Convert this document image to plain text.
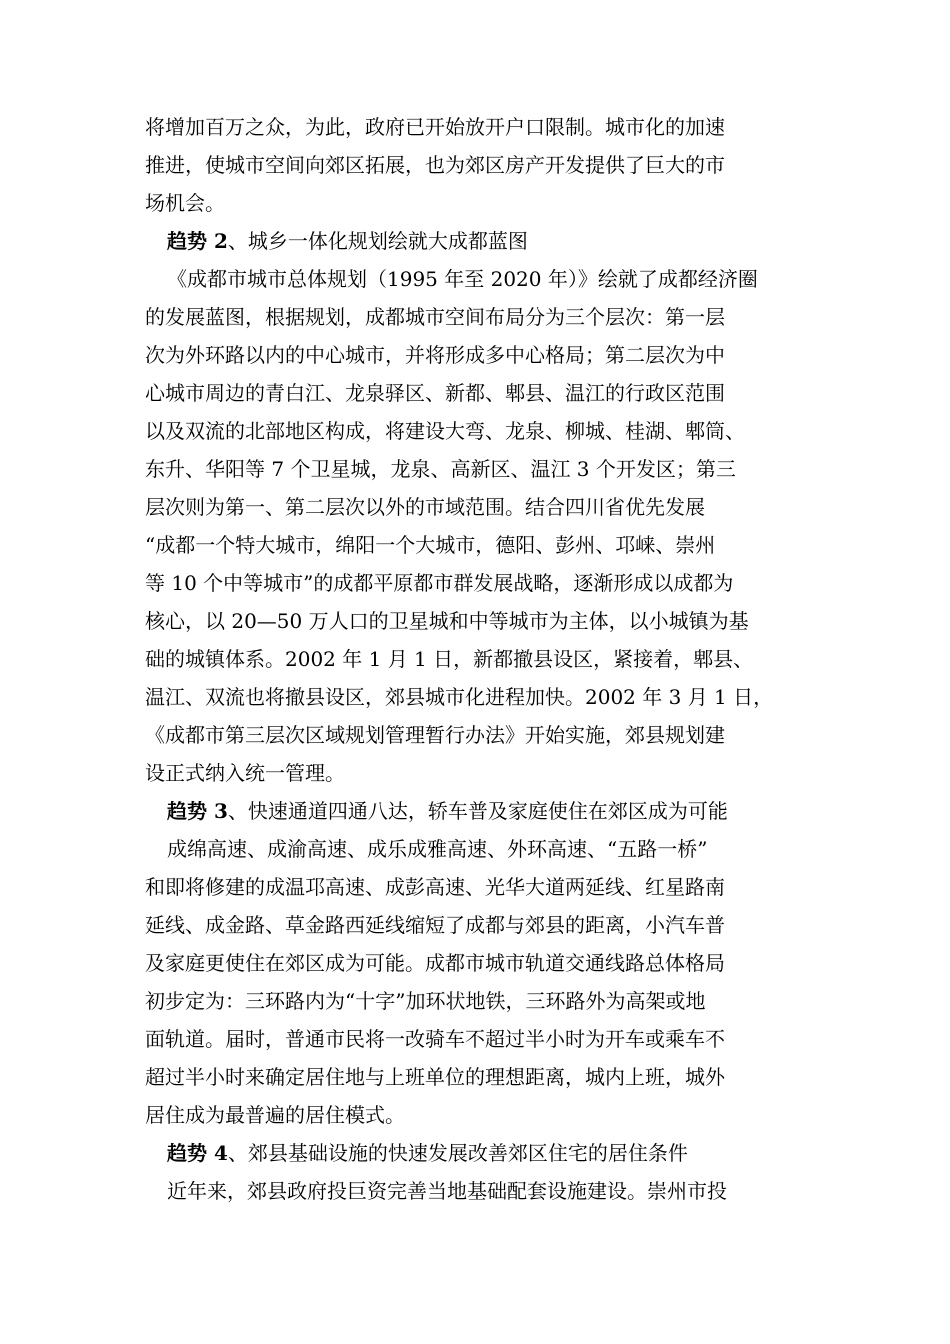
将增加百万之众，为此，政府已开始放开户口限制。城市化的加速
推进，使城市空间向郊区拓展，也为郊区房产开发提供了巨大的市
场机会。
趋势 2、城乡一体化规划绘就大成都蓝图
《成都市城市总体规划（1995 年至 2020 年）》绘就了成都经济圈
的发展蓝图，根据规划，成都城市空间布局分为三个层次：第一层
次为外环路以内的中心城市，并将形成多中心格局；第二层次为中
心城市周边的青白江、龙泉驿区、新都、郫县、温江的行政区范围
以及双流的北部地区构成，将建设大弯、龙泉、柳城、桂湖、郫筒、
东升、华阳等 7 个卫星城，龙泉、高新区、温江 3 个开发区；第三
层次则为第一、第二层次以外的市域范围。结合四川省优先发展
“成都一个特大城市，绵阳一个大城市，德阳、彭州、邛崃、崇州
等 10 个中等城市”的成都平原都市群发展战略，逐渐形成以成都为
核心，以 20—50 万人口的卫星城和中等城市为主体，以小城镇为基
础的城镇体系。2002 年 1 月 1 日，新都撤县设区，紧接着，郫县、
温江、双流也将撤县设区，郊县城市化进程加快。2002 年 3 月 1 日，
《成都市第三层次区域规划管理暂行办法》开始实施，郊县规划建
设正式纳入统一管理。
趋势 3、快速通道四通八达，轿车普及家庭使住在郊区成为可能
成绵高速、成渝高速、成乐成雅高速、外环高速、“五路一桥”
和即将修建的成温邛高速、成彭高速、光华大道两延线、红星路南
延线、成金路、草金路西延线缩短了成都与郊县的距离，小汽车普
及家庭更使住在郊区成为可能。成都市城市轨道交通线路总体格局
初步定为：三环路内为“十字”加环状地铁，三环路外为高架或地
面轨道。届时，普通市民将一改骑车不超过半小时为开车或乘车不
超过半小时来确定居住地与上班单位的理想距离，城内上班，城外
居住成为最普遍的居住模式。
趋势 4、郊县基础设施的快速发展改善郊区住宅的居住条件
近年来，郊县政府投巨资完善当地基础配套设施建设。崇州市投
